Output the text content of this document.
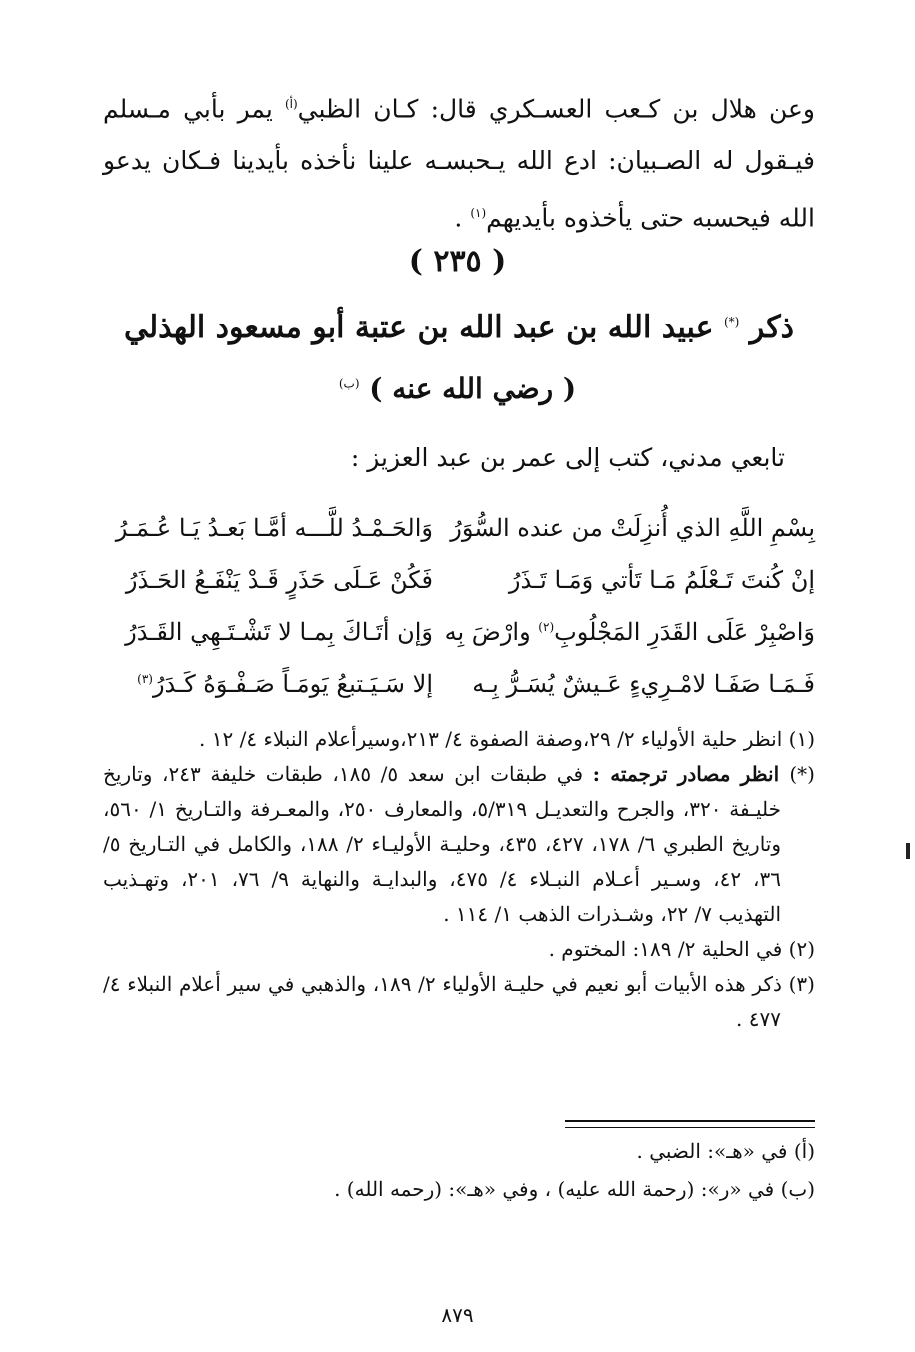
وعن هلال بن كـعب العسـكري قال: كـان الظبي$^{(أ)}$ يمر بأبي مـسلم فيـقول له الصـبيان: ادع الله يـحبسـه علينا نأخذه بأيدينا فـكان يدعو الله فيحسبه حتى يأخذوه بأيديهم$^{(١)}$ .

( ٢٣٥ )
ذكر (*) عبيد الله بن عبد الله بن عتبة أبو مسعود الهذلي
( رضي الله عنه ) $^{(ب)}$
تابعي مدني، كتب إلى عمر بن عبد العزيز :
بِسْمِ اللَّهِ الذي أُنزِلَتْ من عنده السُّوَرُ
وَالحَـمْـدُ للَّـــه أمَّـا بَعـدُ يَـا عُـمَـرُ
إنْ كُنتَ تَـعْلَمُ مَـا تَأتي وَمَـا تَـذَرُ
فَكُنْ عَـلَى حَذَرٍ قَـدْ يَنْفَـعُ الحَـذَرُ
وَاصْبِرْ عَلَى القَدَرِ المَجْلُوبِ$^{(٢)}$ وارْضَ بِه
وَإن أتَـاكَ بِمـا لا تَشْـتَـهِي القَـدَرُ
فَـمَـا صَفَـا لامْـرِيءٍ عَـيشٌ يُسَـرُّ بِـه
إلا سَـيَـتبعُ يَومَـاً صَـفْـوَهُ كَـدَرُ$^{(٣)}$

(١) انظر حلية الأولياء ٢/ ٢٩،وصفة الصفوة ٤/ ٢١٣،وسيرأعلام النبلاء ٤/ ١٢ .

(*) انظر مصادر ترجمته : في طبقات ابن سعد ٥/ ١٨٥، طبقات خليفة ٢٤٣، وتاريخ خليـفة ٣٢٠، والجرح والتعديـل ٥/٣١٩، والمعارف ٢٥٠، والمعـرفة والتـاريخ ١/ ٥٦٠، وتاريخ الطبري ٦/ ١٧٨، ٤٢٧، ٤٣٥، وحليـة الأوليـاء ٢/ ١٨٨، والكامل في التـاريخ ٥/ ٣٦، ٤٢، وسـير أعـلام النبـلاء ٤/ ٤٧٥، والبدايـة والنهاية ٩/ ٧٦، ٢٠١، وتهـذيب التهذيب ٧/ ٢٢، وشـذرات الذهب ١/ ١١٤ .

(٢) في الحلية ٢/ ١٨٩: المختوم .

(٣) ذكر هذه الأبيات أبو نعيم في حليـة الأولياء ٢/ ١٨٩، والذهبي في سير أعلام النبلاء ٤/ ٤٧٧ .

(أ) في «هـ»: الضبي .

(ب) في «ر»: (رحمة الله عليه) ، وفي «هـ»: (رحمه الله) .

٨٧٩
